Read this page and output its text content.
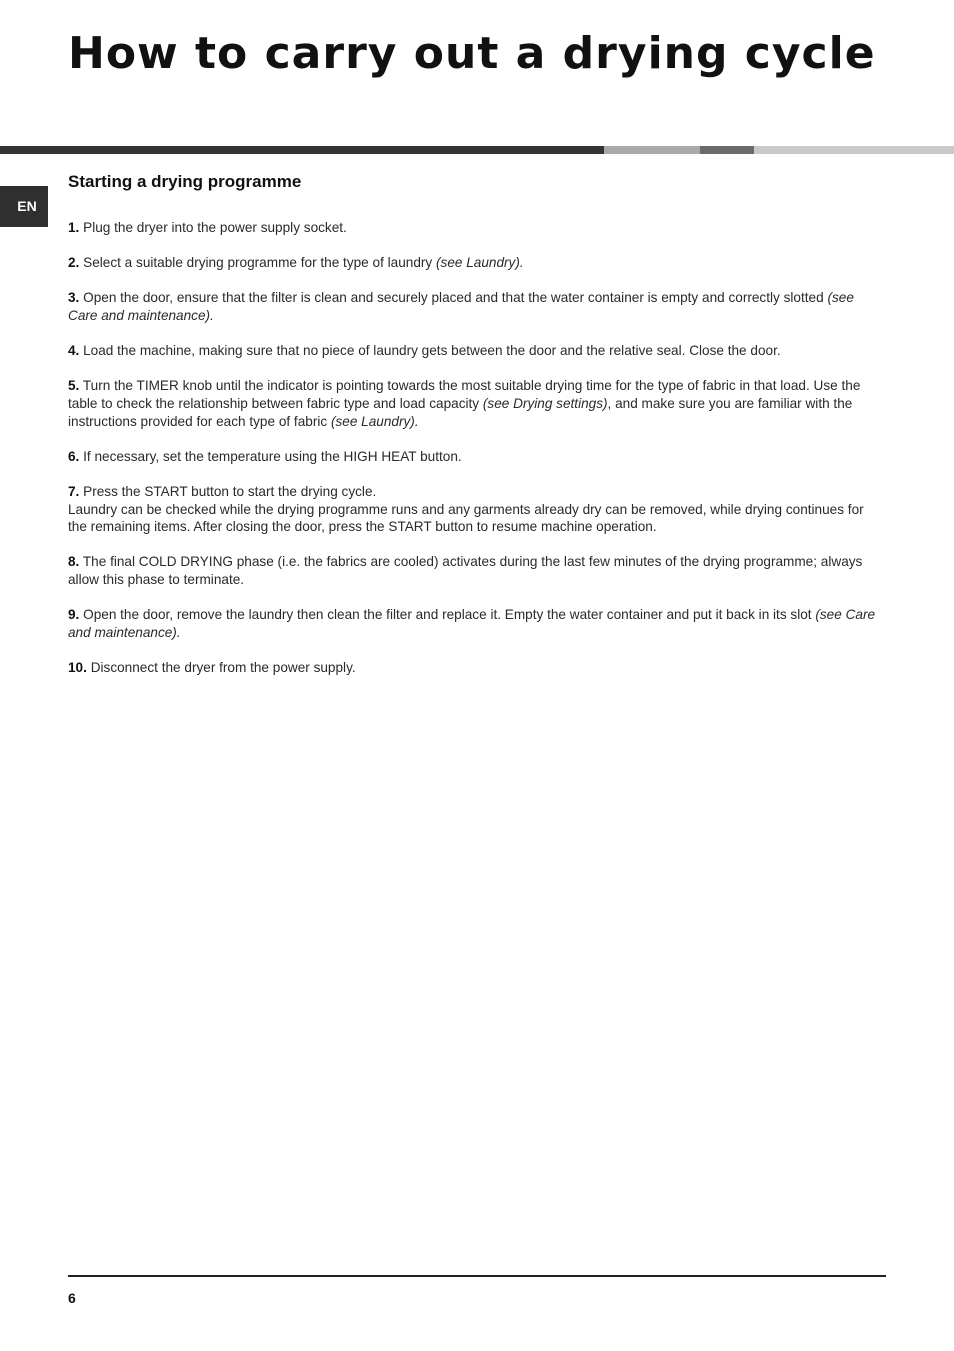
How to carry out a drying cycle
EN
Starting a drying programme
1. Plug the dryer into the power supply socket.
2. Select a suitable drying programme for the type of laundry (see Laundry).
3. Open the door, ensure that the filter is clean and securely placed and that the water container is empty and correctly slotted (see Care and maintenance).
4. Load the machine, making sure that no piece of laundry gets between the door and the relative seal. Close the door.
5. Turn the TIMER knob until the indicator is pointing towards the most suitable drying time for the type of fabric in that load. Use the table to check the relationship between fabric type and load capacity (see Drying settings), and make sure you are familiar with the instructions provided for each type of fabric (see Laundry).
6. If necessary, set the temperature using the HIGH HEAT button.
7. Press the START button to start the drying cycle.
Laundry can be checked while the drying programme runs and any garments already dry can be removed, while drying continues for the remaining items. After closing the door, press the START button to resume machine operation.
8. The final COLD DRYING phase (i.e. the fabrics are cooled) activates during the last few minutes of the drying programme; always allow this phase to terminate.
9. Open the door, remove the laundry then clean the filter and replace it. Empty the water container and put it back in its slot (see Care and maintenance).
10. Disconnect the dryer from the power supply.
6
